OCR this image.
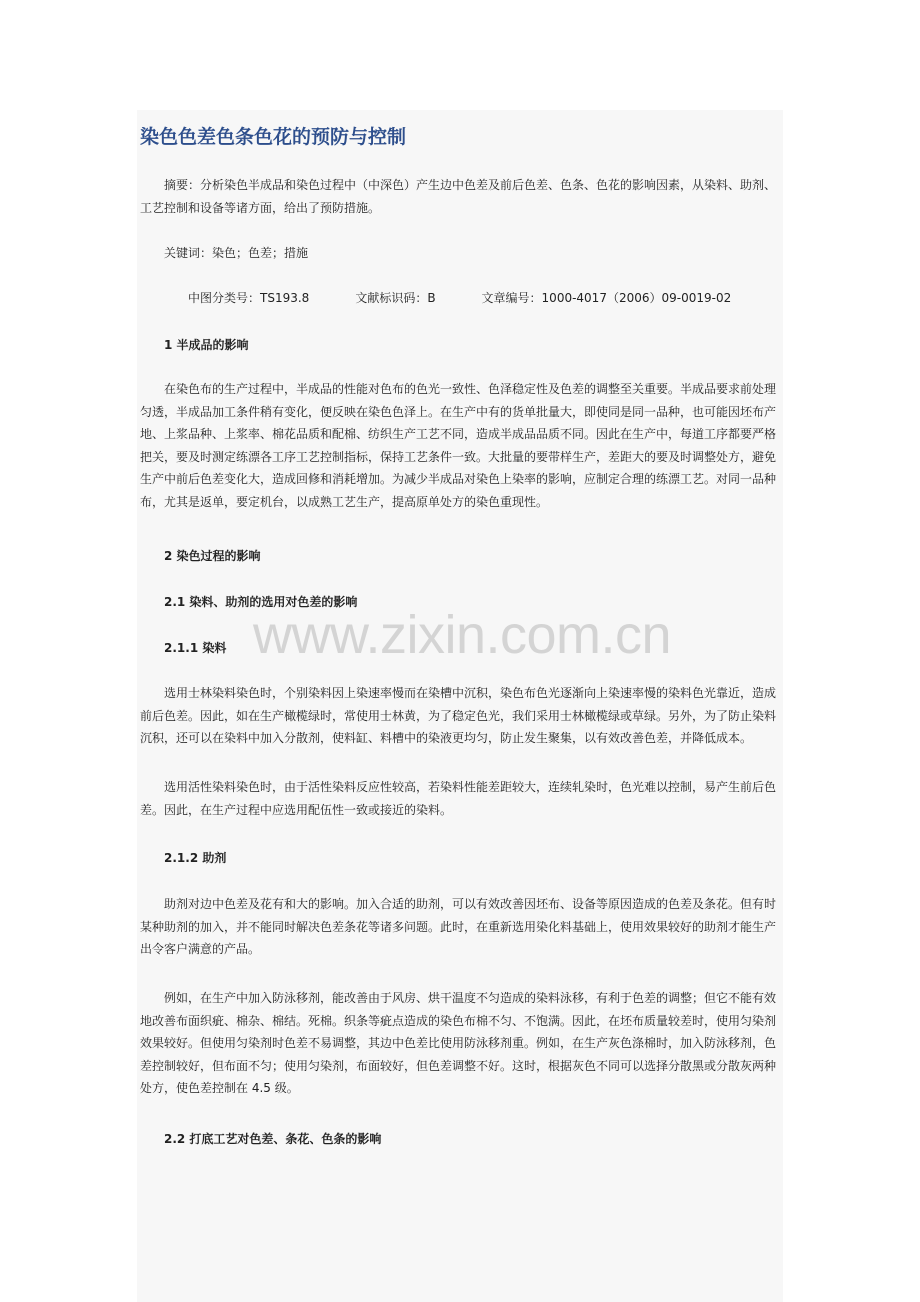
染色色差色条色花的预防与控制
摘要：分析染色半成品和染色过程中（中深色）产生边中色差及前后色差、色条、色花的影响因素，从染料、助剂、工艺控制和设备等诸方面，给出了预防措施。
关键词：染色；色差；措施
中图分类号：TS193.8	文献标识码：B	文章编号：1000-4017（2006）09-0019-02
1 半成品的影响
在染色布的生产过程中，半成品的性能对色布的色光一致性、色泽稳定性及色差的调整至关重要。半成品要求前处理匀透，半成品加工条件稍有变化，便反映在染色色泽上。在生产中有的货单批量大，即使同是同一品种，也可能因坯布产地、上浆品种、上浆率、棉花品质和配棉、纺织生产工艺不同，造成半成品品质不同。因此在生产中，每道工序都要严格把关，要及时测定练漂各工序工艺控制指标，保持工艺条件一致。大批量的要带样生产，差距大的要及时调整处方，避免生产中前后色差变化大，造成回修和消耗增加。为减少半成品对染色上染率的影响，应制定合理的练漂工艺。对同一品种布，尤其是返单，要定机台，以成熟工艺生产，提高原单处方的染色重现性。
2 染色过程的影响
2.1 染料、助剂的选用对色差的影响
www.zixin.com.cn
2.1.1 染料
选用士林染料染色时，个别染料因上染速率慢而在染槽中沉积，染色布色光逐渐向上染速率慢的染料色光靠近，造成前后色差。因此，如在生产橄榄绿时，常使用士林黄，为了稳定色光，我们采用士林橄榄绿或草绿。另外，为了防止染料沉积，还可以在染料中加入分散剂，使料缸、料槽中的染液更均匀，防止发生聚集，以有效改善色差，并降低成本。
选用活性染料染色时，由于活性染料反应性较高，若染料性能差距较大，连续轧染时，色光难以控制，易产生前后色差。因此，在生产过程中应选用配伍性一致或接近的染料。
2.1.2 助剂
助剂对边中色差及花有和大的影响。加入合适的助剂，可以有效改善因坯布、设备等原因造成的色差及条花。但有时某种助剂的加入，并不能同时解决色差条花等诸多问题。此时，在重新选用染化料基础上，使用效果较好的助剂才能生产出令客户满意的产品。
例如，在生产中加入防泳移剂，能改善由于风房、烘干温度不匀造成的染料泳移，有利于色差的调整；但它不能有效地改善布面织疵、棉杂、棉结。死棉。织条等疵点造成的染色布棉不匀、不饱满。因此，在坯布质量较差时，使用匀染剂效果较好。但使用匀染剂时色差不易调整，其边中色差比使用防泳移剂重。例如，在生产灰色涤棉时，加入防泳移剂，色差控制较好，但布面不匀；使用匀染剂，布面较好，但色差调整不好。这时，根据灰色不同可以选择分散黑或分散灰两种处方，使色差控制在 4.5 级。
2.2 打底工艺对色差、条花、色条的影响
